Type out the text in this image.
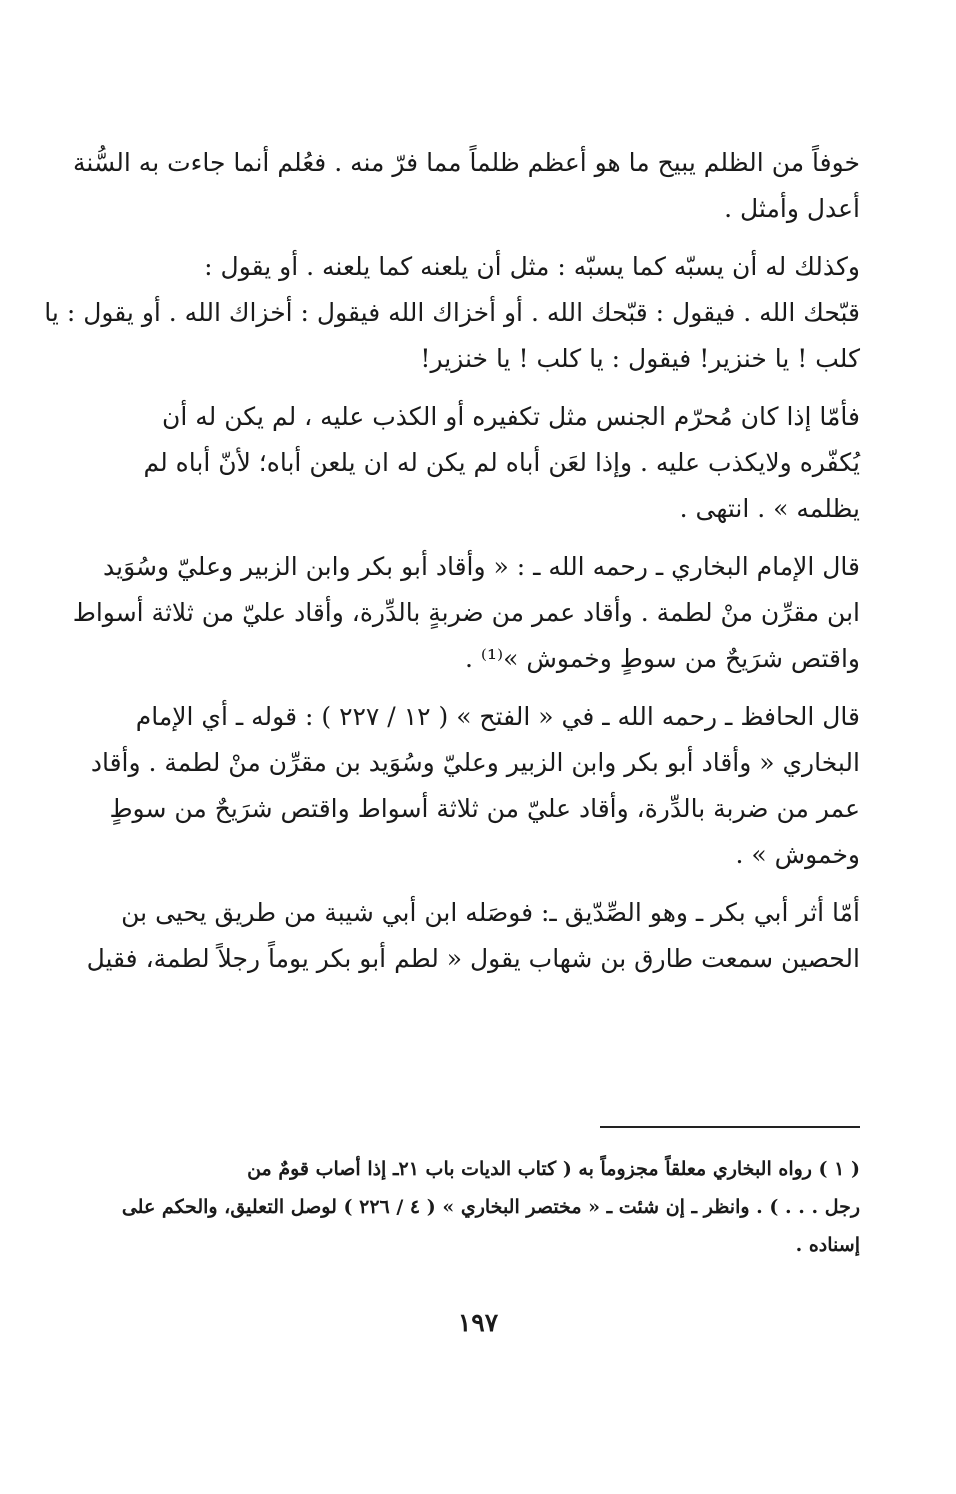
خوفاً من الظلم يبيح ما هو أعظم ظلماً مما فرّ منه . فعُلم أنما جاءت به السُّنة
أعدل وأمثل .

وكذلك له أن يسبّه كما يسبّه : مثل أن يلعنه كما يلعنه . أو يقول :
قبّحك الله . فيقول : قبّحك الله . أو أخزاك الله فيقول : أخزاك الله . أو يقول : يا
كلب ! يا خنزير! فيقول : يا كلب ! يا خنزير!

فأمّا إذا كان مُحرّم الجنس مثل تكفيره أو الكذب عليه ، لم يكن له أن
يُكفّره ولايكذب عليه . وإذا لعَن أباه لم يكن له ان يلعن أباه؛ لأنّ أباه لم
يظلمه » . انتهى .

قال الإمام البخاري ـ رحمه الله ـ : « وأقاد أبو بكر وابن الزبير وعليّ وسُوَيد
ابن مقرِّن منْ لطمة . وأقاد عمر من ضربةٍ بالدِّرة، وأقاد عليّ من ثلاثة أسواط
واقتص شرَيحٌ من سوطٍ وخموش »⁽¹⁾ .

قال الحافظ ـ رحمه الله ـ في « الفتح » ( ١٢ / ٢٢٧ ) : قوله ـ أي الإمام
البخاري « وأقاد أبو بكر وابن الزبير وعليّ وسُوَيد بن مقرِّن منْ لطمة . وأقاد
عمر من ضربة بالدِّرة، وأقاد عليّ من ثلاثة أسواط واقتص شرَيحٌ من سوطٍ
وخموش » .

أمّا أثر أبي بكر ـ وهو الصِّدّيق ـ: فوصَله ابن أبي شيبة من طريق يحيى بن
الحصين سمعت طارق بن شهاب يقول « لطم أبو بكر يوماً رجلاً لطمة، فقيل

( ١ ) رواه البخاري معلقاً مجزوماً به ( كتاب الديات باب ٢١ـ إذا أصاب قومٌ من
رجل . . . ) . وانظر ـ إن شئت ـ « مختصر البخاري » ( ٤ / ٢٢٦ ) لوصل التعليق، والحكم على
إسناده .
١٩٧
